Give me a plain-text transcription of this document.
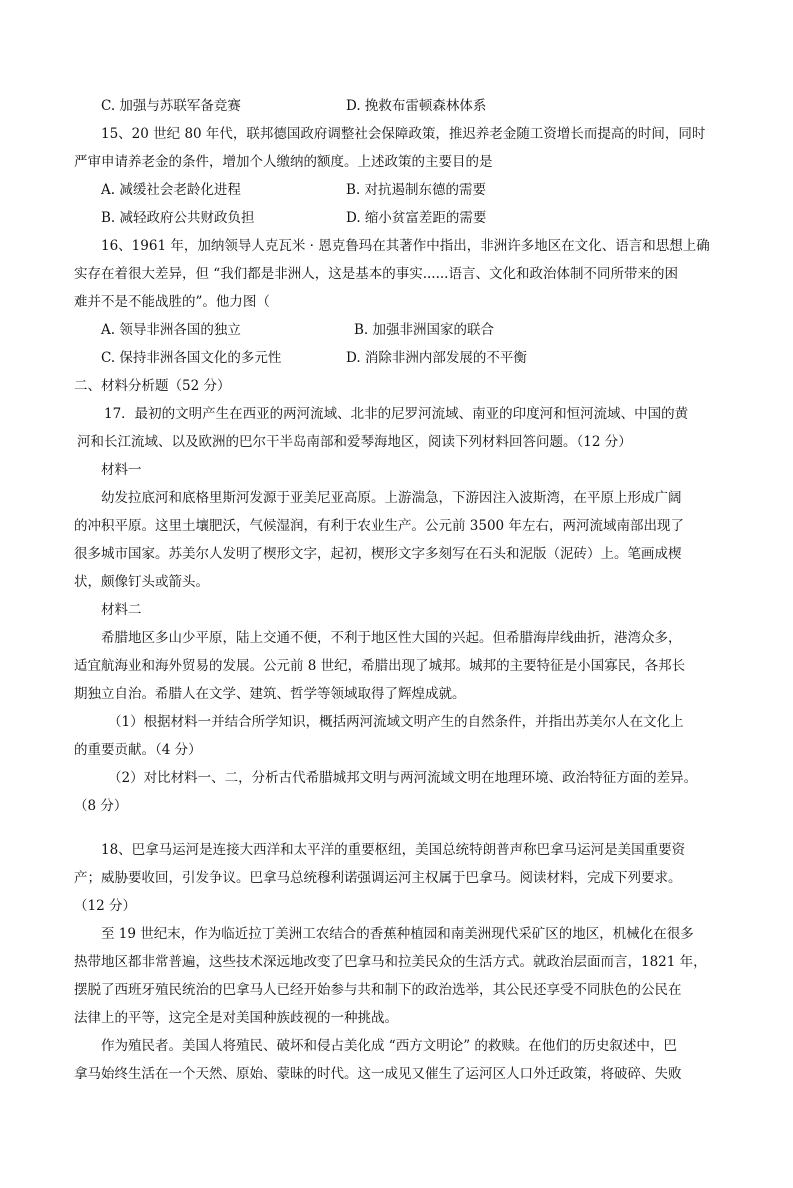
C. 加强与苏联军备竞赛	D. 挽救布雷顿森林体系
15、20 世纪 80 年代，联邦德国政府调整社会保障政策，推迟养老金随工资增长而提高的时间，同时
严审申请养老金的条件，增加个人缴纳的额度。上述政策的主要目的是
A. 减缓社会老龄化进程	B. 对抗遏制东德的需要
B. 减轻政府公共财政负担	D. 缩小贫富差距的需要
16、1961 年，加纳领导人克瓦米 · 恩克鲁玛在其著作中指出，非洲许多地区在文化、语言和思想上确
实存在着很大差异，但 “我们都是非洲人，这是基本的事实......语言、文化和政治体制不同所带来的困
难并不是不能战胜的”。他力图（
A. 领导非洲各国的独立	B. 加强非洲国家的联合
C. 保持非洲各国文化的多元性	D. 消除非洲内部发展的不平衡
二、材料分析题（52 分）
17．最初的文明产生在西亚的两河流域、北非的尼罗河流域、南亚的印度河和恒河流域、中国的黄
河和长江流域、以及欧洲的巴尔干半岛南部和爱琴海地区，阅读下列材料回答问题。（12 分）
材料一
幼发拉底河和底格里斯河发源于亚美尼亚高原。上游湍急，下游因注入波斯湾，在平原上形成广阔
的冲积平原。这里土壤肥沃，气候湿润，有利于农业生产。公元前 3500 年左右，两河流域南部出现了
很多城市国家。苏美尔人发明了楔形文字，起初，楔形文字多刻写在石头和泥版（泥砖）上。笔画成楔
状，颇像钉头或箭头。
材料二
希腊地区多山少平原，陆上交通不便，不利于地区性大国的兴起。但希腊海岸线曲折，港湾众多，
适宜航海业和海外贸易的发展。公元前 8 世纪，希腊出现了城邦。城邦的主要特征是小国寡民，各邦长
期独立自治。希腊人在文学、建筑、哲学等领域取得了辉煌成就。
（1）根据材料一并结合所学知识，概括两河流域文明产生的自然条件，并指出苏美尔人在文化上
的重要贡献。（4 分）
（2）对比材料一、二，分析古代希腊城邦文明与两河流域文明在地理环境、政治特征方面的差异。
（8 分）
18、巴拿马运河是连接大西洋和太平洋的重要枢纽，美国总统特朗普声称巴拿马运河是美国重要资
产；威胁要收回，引发争议。巴拿马总统穆利诺强调运河主权属于巴拿马。阅读材料，完成下列要求。
（12 分）
至 19 世纪末，作为临近拉丁美洲工农结合的香蕉种植园和南美洲现代采矿区的地区，机械化在很多
热带地区都非常普遍，这些技术深远地改变了巴拿马和拉美民众的生活方式。就政治层面而言，1821 年，
摆脱了西班牙殖民统治的巴拿马人已经开始参与共和制下的政治选举，其公民还享受不同肤色的公民在
法律上的平等，这完全是对美国种族歧视的一种挑战。
作为殖民者。美国人将殖民、破坏和侵占美化成 “西方文明论” 的救赎。在他们的历史叙述中，巴
拿马始终生活在一个天然、原始、蒙昧的时代。这一成见又催生了运河区人口外迁政策，将破碎、失败
